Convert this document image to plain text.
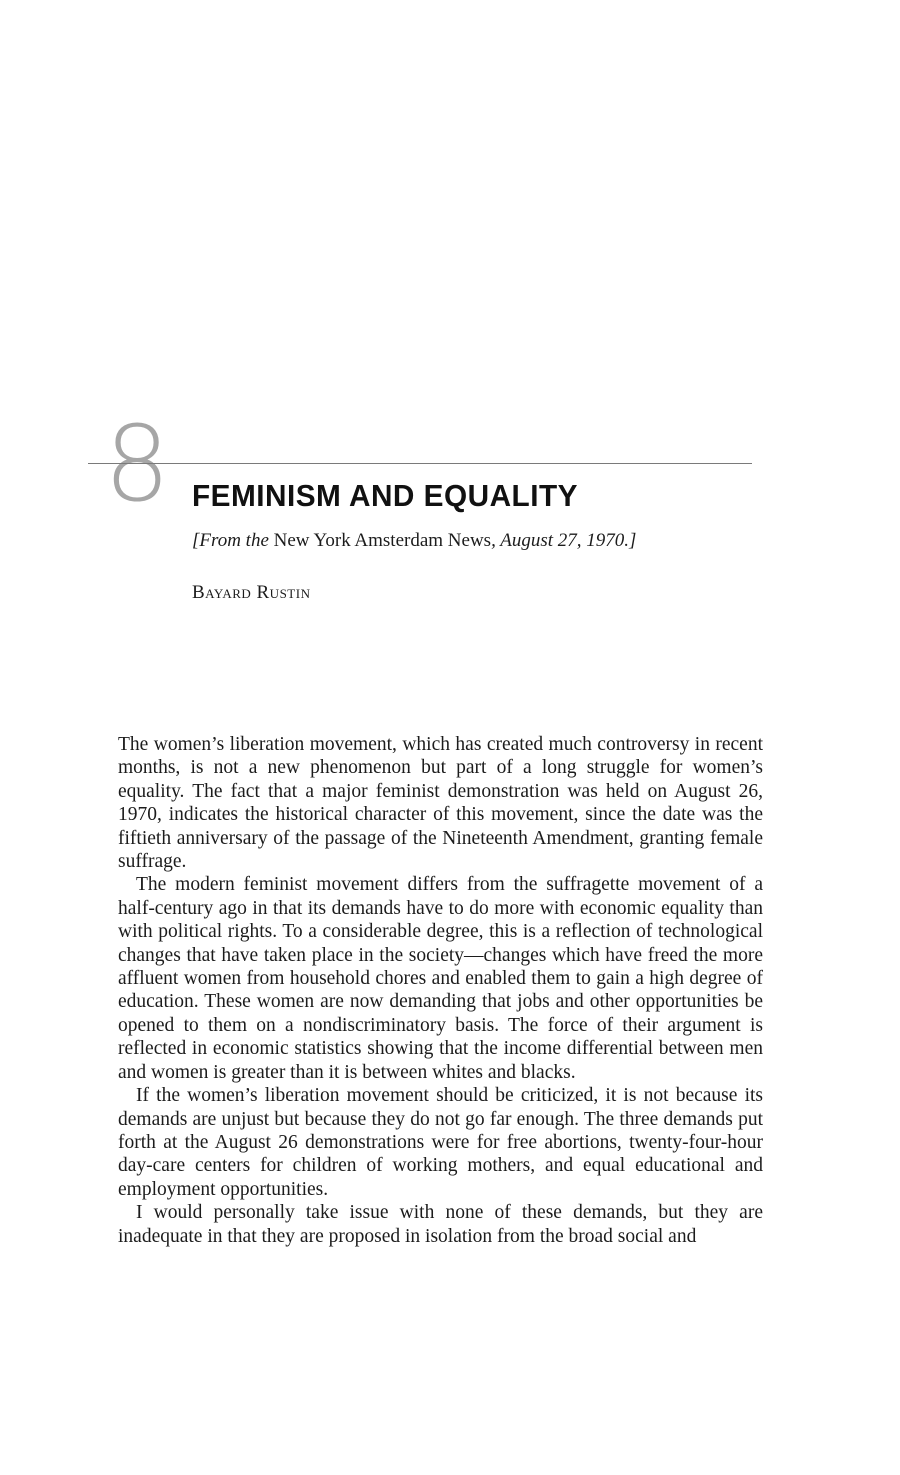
8 FEMINISM AND EQUALITY

[From the New York Amsterdam News, August 27, 1970.]

Bayard Rustin

The women’s liberation movement, which has created much controversy in recent months, is not a new phenomenon but part of a long struggle for women’s equality. The fact that a major feminist demonstration was held on August 26, 1970, indicates the historical character of this movement, since the date was the fiftieth anniversary of the passage of the Nineteenth Amendment, granting female suffrage.

The modern feminist movement differs from the suffragette movement of a half-century ago in that its demands have to do more with economic equality than with political rights. To a considerable degree, this is a reflection of technological changes that have taken place in the society—changes which have freed the more affluent women from household chores and enabled them to gain a high degree of education. These women are now demanding that jobs and other opportunities be opened to them on a nondiscriminatory basis. The force of their argument is reflected in economic statistics showing that the income differential between men and women is greater than it is between whites and blacks.

If the women’s liberation movement should be criticized, it is not because its demands are unjust but because they do not go far enough. The three demands put forth at the August 26 demonstrations were for free abortions, twenty-four-hour day-care centers for children of working mothers, and equal educational and employment opportunities.

I would personally take issue with none of these demands, but they are inadequate in that they are proposed in isolation from the broad social and
